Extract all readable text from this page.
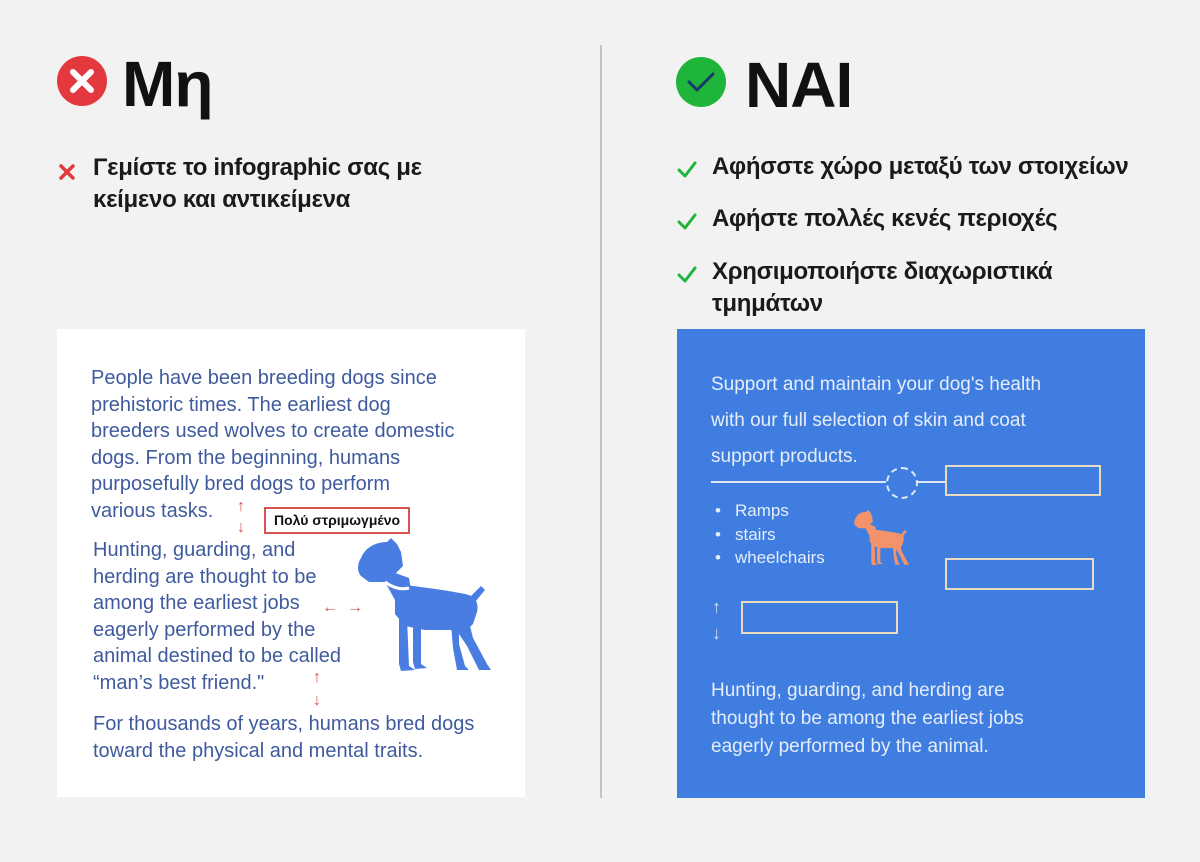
Μη
Γεμίστε το infographic σας με
κείμενο και αντικείμενα
NAI
Αφήσστε χώρο μεταξύ των στοιχείων
Αφήστε πολλές κενές περιοχές
Χρησιμοποιήστε διαχωριστικά
τμημάτων
People have been breeding dogs since
prehistoric times. The earliest dog
breeders used wolves to create domestic
dogs. From the beginning, humans
purposefully bred dogs to perform
various tasks.	↑
↓	Πολύ στριμωγμένο
Hunting, guarding, and
herding are thought to be
among the earliest jobs
eagerly performed by the
animal destined to be called
“man’s best friend."
← →
↑
↓
For thousands of years, humans bred dogs
toward the physical and mental traits.
Support and maintain your dog's health
with our full selection of skin and coat
support products.
• Ramps
• stairs
• wheelchairs
↑
↓
Hunting, guarding, and herding are
thought to be among the earliest jobs
eagerly performed by the animal.
